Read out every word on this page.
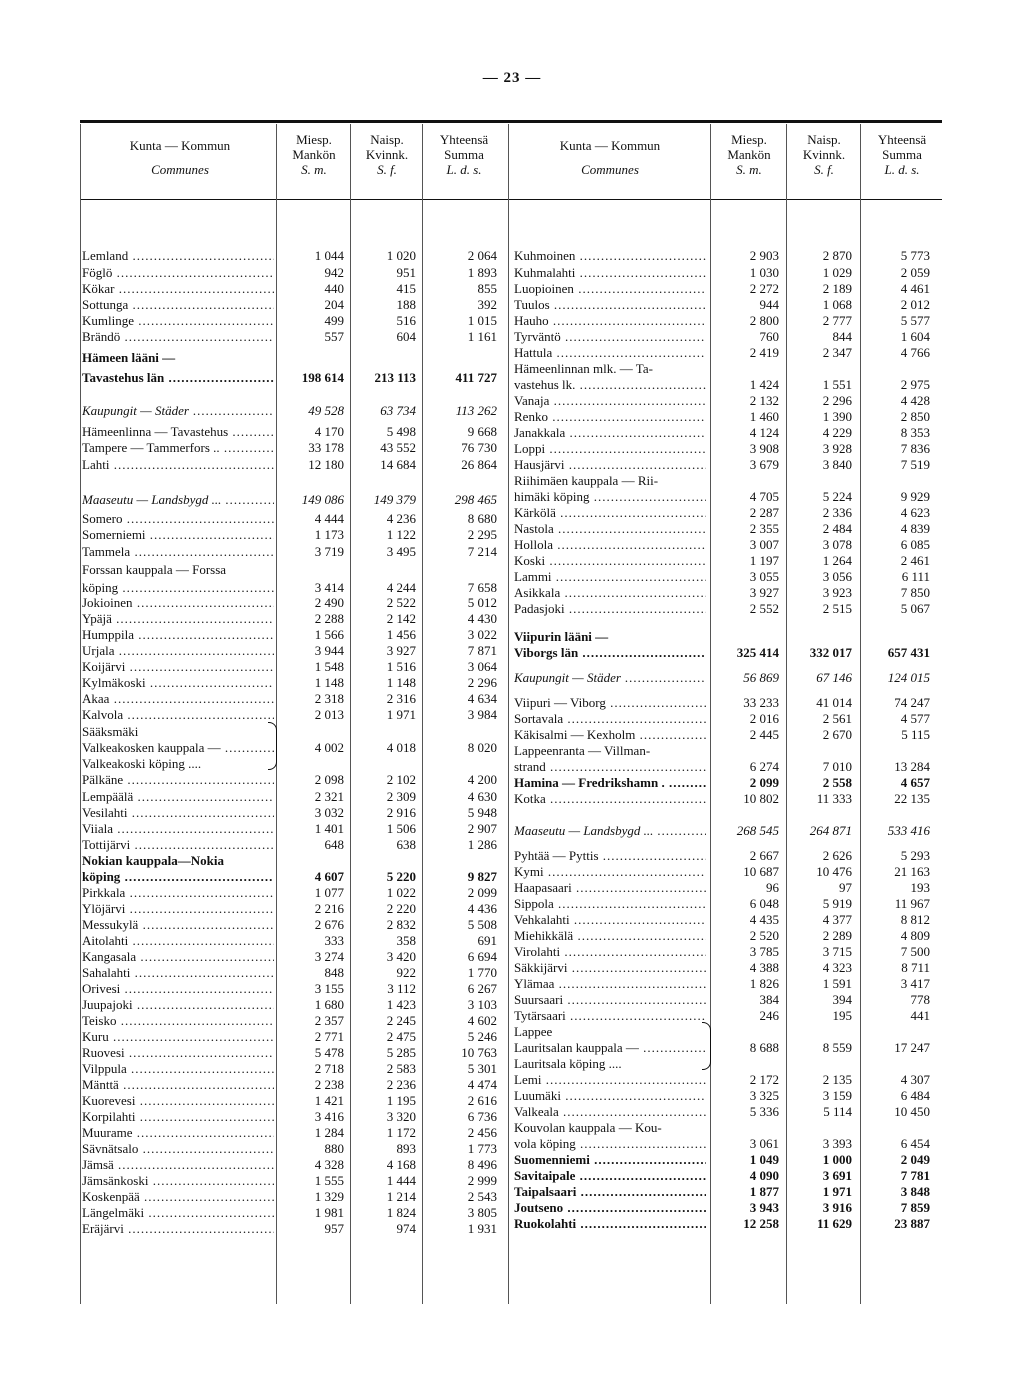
— 23 —
Kunta — Kommun
Communes
Miesp.
Mankön
S. m.
Naisp.
Kvinnk.
S. f.
Yhteensä
Summa
L. d. s.
Kunta — Kommun
Communes
Miesp.
Mankön
S. m.
Naisp.
Kvinnk.
S. f.
Yhteensä
Summa
L. d. s.
Lemland .....	1 044	1 020	2 064
Föglö .....	942	951	1 893
Kökar .....	440	415	855
Sottunga .....	204	188	392
Kumlinge .....	499	516	1 015
Brändö .....	557	604	1 161
Hämeen lääni —
Tavastehus län .....	198 614	213 113	411 727
Kaupungit — Städer .....	49 528	63 734	113 262
Hämeenlinna — Tavastehus .....	4 170	5 498	9 668
Tampere — Tammerfors .. .....	33 178	43 552	76 730
Lahti .....	12 180	14 684	26 864
Maaseutu — Landsbygd ... .....	149 086	149 379	298 465
Somero .....	4 444	4 236	8 680
Somerniemi .....	1 173	1 122	2 295
Tammela .....	3 719	3 495	7 214
Forssan kauppala — Forssa
köping .....	3 414	4 244	7 658
Jokioinen .....	2 490	2 522	5 012
Ypäjä .....	2 288	2 142	4 430
Humppila .....	1 566	1 456	3 022
Urjala .....	3 944	3 927	7 871
Koijärvi .....	1 548	1 516	3 064
Kylmäkoski .....	1 148	1 148	2 296
Akaa .....	2 318	2 316	4 634
Kalvola .....	2 013	1 971	3 984
Sääksmäki
Valkeakosken kauppala — .....	4 002	4 018	8 020
Valkeakoski köping ....
Pälkäne .....	2 098	2 102	4 200
Lempäälä .....	2 321	2 309	4 630
Vesilahti .....	3 032	2 916	5 948
Viiala .....	1 401	1 506	2 907
Tottijärvi .....	648	638	1 286
Nokian kauppala—Nokia
köping .....	4 607	5 220	9 827
Pirkkala .....	1 077	1 022	2 099
Ylöjärvi .....	2 216	2 220	4 436
Messukylä .....	2 676	2 832	5 508
Aitolahti .....	333	358	691
Kangasala .....	3 274	3 420	6 694
Sahalahti .....	848	922	1 770
Orivesi .....	3 155	3 112	6 267
Juupajoki .....	1 680	1 423	3 103
Teisko .....	2 357	2 245	4 602
Kuru .....	2 771	2 475	5 246
Ruovesi .....	5 478	5 285	10 763
Vilppula .....	2 718	2 583	5 301
Mänttä .....	2 238	2 236	4 474
Kuorevesi .....	1 421	1 195	2 616
Korpilahti .....	3 416	3 320	6 736
Muurame .....	1 284	1 172	2 456
Sävnätsalo .....	880	893	1 773
Jämsä .....	4 328	4 168	8 496
Jämsänkoski .....	1 555	1 444	2 999
Koskenpää .....	1 329	1 214	2 543
Längelmäki .....	1 981	1 824	3 805
Eräjärvi .....	957	974	1 931
Kuhmoinen .....	2 903	2 870	5 773
Kuhmalahti .....	1 030	1 029	2 059
Luopioinen .....	2 272	2 189	4 461
Tuulos .....	944	1 068	2 012
Hauho .....	2 800	2 777	5 577
Tyrväntö .....	760	844	1 604
Hattula .....	2 419	2 347	4 766
Hämeenlinnan mlk. — Ta-
vastehus lk. .....	1 424	1 551	2 975
Vanaja .....	2 132	2 296	4 428
Renko .....	1 460	1 390	2 850
Janakkala .....	4 124	4 229	8 353
Loppi .....	3 908	3 928	7 836
Hausjärvi .....	3 679	3 840	7 519
Riihimäen kauppala — Rii-
himäki köping .....	4 705	5 224	9 929
Kärkölä .....	2 287	2 336	4 623
Nastola .....	2 355	2 484	4 839
Hollola .....	3 007	3 078	6 085
Koski .....	1 197	1 264	2 461
Lammi .....	3 055	3 056	6 111
Asikkala .....	3 927	3 923	7 850
Padasjoki .....	2 552	2 515	5 067
Viipurin lääni —
Viborgs län .....	325 414	332 017	657 431
Kaupungit — Städer .....	56 869	67 146	124 015
Viipuri — Viborg .....	33 233	41 014	74 247
Sortavala .....	2 016	2 561	4 577
Käkisalmi — Kexholm .....	2 445	2 670	5 115
Lappeenranta — Villman-
strand .....	6 274	7 010	13 284
Hamina — Fredrikshamn . .....	2 099	2 558	4 657
Kotka .....	10 802	11 333	22 135
Maaseutu — Landsbygd ... .....	268 545	264 871	533 416
Pyhtää — Pyttis .....	2 667	2 626	5 293
Kymi .....	10 687	10 476	21 163
Haapasaari .....	96	97	193
Sippola .....	6 048	5 919	11 967
Vehkalahti .....	4 435	4 377	8 812
Miehikkälä .....	2 520	2 289	4 809
Virolahti .....	3 785	3 715	7 500
Säkkijärvi .....	4 388	4 323	8 711
Ylämaa .....	1 826	1 591	3 417
Suursaari .....	384	394	778
Tytärsaari .....	246	195	441
Lappee
Lauritsalan kauppala — .....	8 688	8 559	17 247
Lauritsala köping ....
Lemi .....	2 172	2 135	4 307
Luumäki .....	3 325	3 159	6 484
Valkeala .....	5 336	5 114	10 450
Kouvolan kauppala — Kou-
vola köping .....	3 061	3 393	6 454
Suomenniemi .....	1 049	1 000	2 049
Savitaipale .....	4 090	3 691	7 781
Taipalsaari .....	1 877	1 971	3 848
Joutseno .....	3 943	3 916	7 859
Ruokolahti .....	12 258	11 629	23 887
